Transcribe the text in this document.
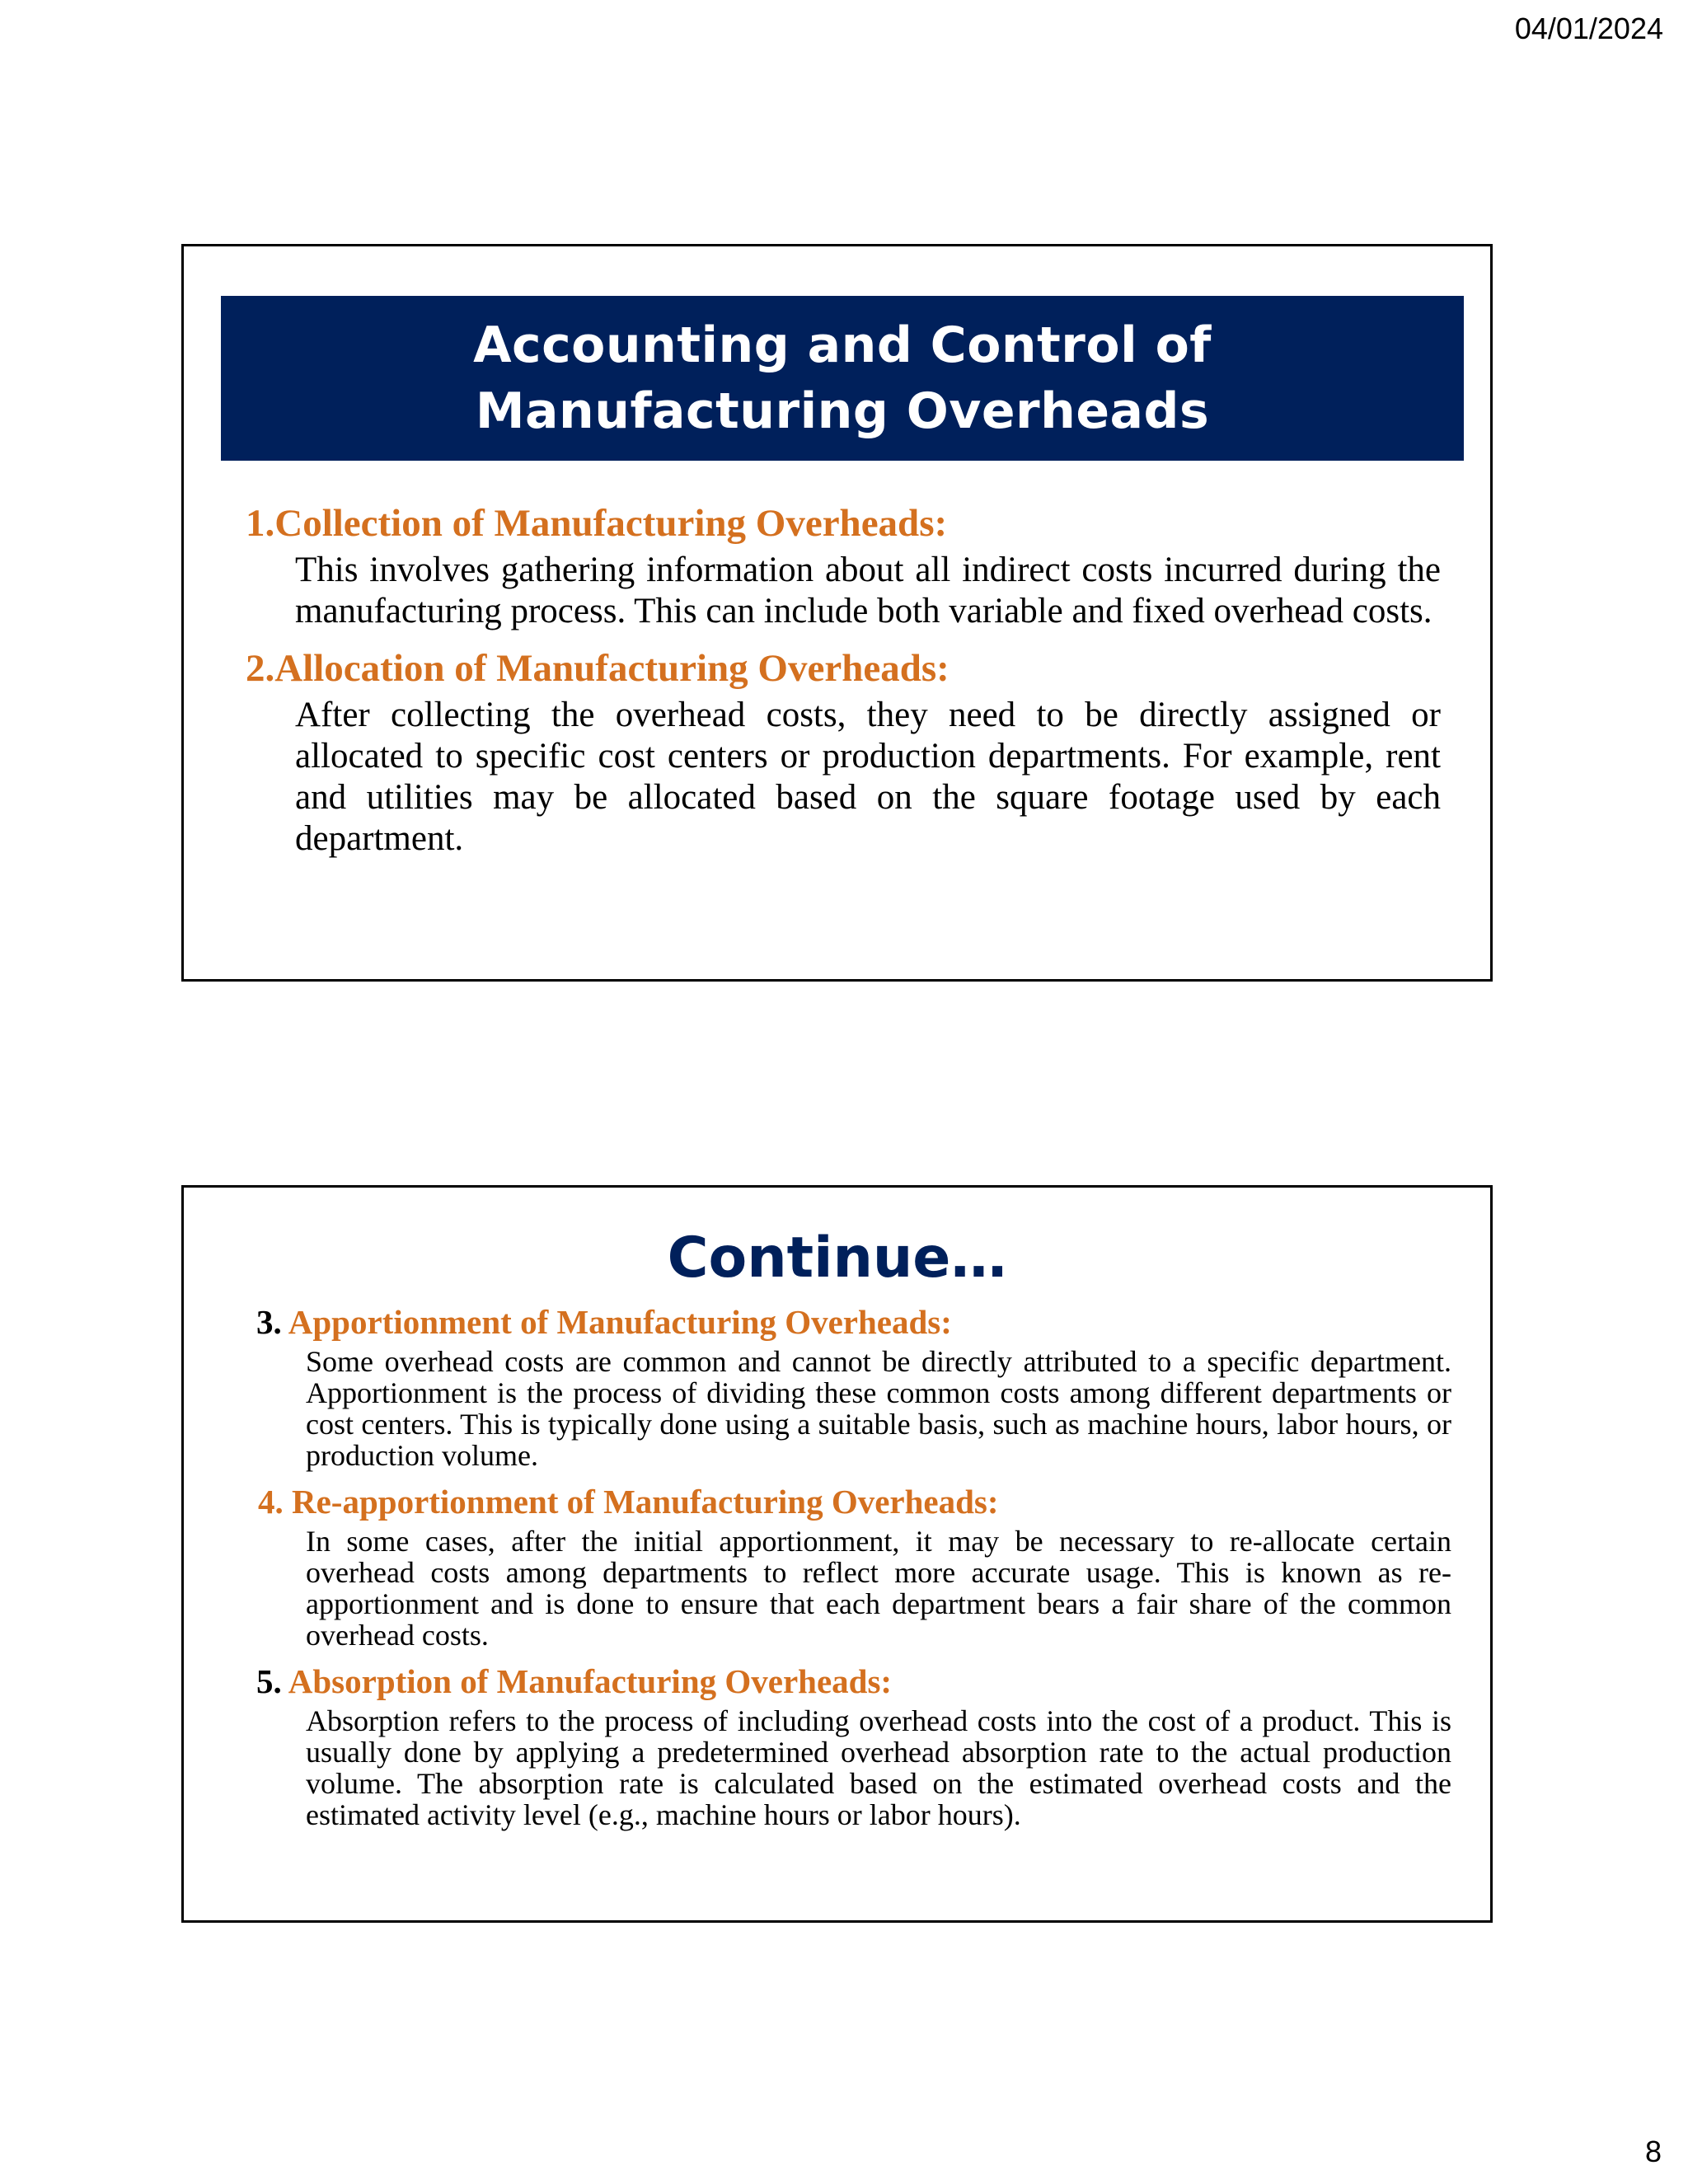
04/01/2024
Accounting and Control of Manufacturing Overheads

1.Collection of Manufacturing Overheads:

This involves gathering information about all indirect costs incurred during the manufacturing process. This can include both variable and fixed overhead costs.

2.Allocation of Manufacturing Overheads:

After collecting the overhead costs, they need to be directly assigned or allocated to specific cost centers or production departments. For example, rent and utilities may be allocated based on the square footage used by each department.
Continue…

3. Apportionment of Manufacturing Overheads:

Some overhead costs are common and cannot be directly attributed to a specific department. Apportionment is the process of dividing these common costs among different departments or cost centers. This is typically done using a suitable basis, such as machine hours, labor hours, or production volume.

4. Re-apportionment of Manufacturing Overheads:

In some cases, after the initial apportionment, it may be necessary to re-allocate certain overhead costs among departments to reflect more accurate usage. This is known as re-apportionment and is done to ensure that each department bears a fair share of the common overhead costs.

5. Absorption of Manufacturing Overheads:

Absorption refers to the process of including overhead costs into the cost of a product. This is usually done by applying a predetermined overhead absorption rate to the actual production volume. The absorption rate is calculated based on the estimated overhead costs and the estimated activity level (e.g., machine hours or labor hours).
8
